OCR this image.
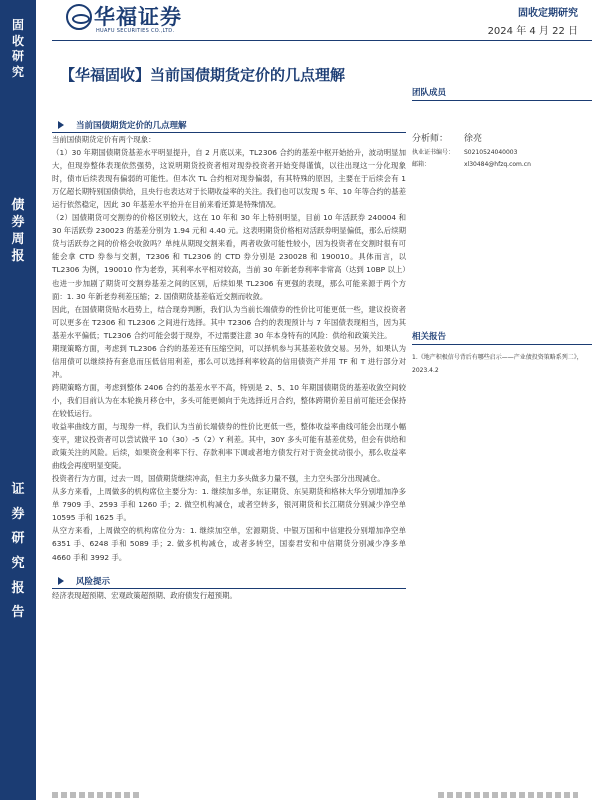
固
收
研
究
债
券
周
报
证
券
研
究
报
告
华福证券
HUAFU SECURITIES CO.,LTD.
固收定期研究
2024 年 4 月 22 日
【华福固收】当前国债期货定价的几点理解
当前国债期货定价的几点理解

当前国债期货定价有两个现象：

（1）30 年期国债期货基差水平明显提升，自 2 月底以来，TL2306 合约的基差中枢开始抬升，波动明显加大，但现券整体表现依然强势，这说明期货投资者相对现券投资者开始变得谨慎，以往出现这一分化现象时，债市后续表现有偏弱的可能性。但本次 TL 合约相对现券偏弱，有其特殊的原因，主要在于后续会有 1 万亿超长期特别国债供给，且央行也表达对于长期收益率的关注。我们也可以发现 5 年、10 年等合约的基差运行依然稳定，因此 30 年基差水平抬升在目前来看还算是特殊情况。

（2）国债期货可交割券的价格区别较大，这在 10 年和 30 年上特别明显，目前 10 年活跃券 240004 和 30 年活跃券 230023 的基差分别为 1.94 元和 4.40 元。这表明期货价格相对活跃券明显偏低，那么后续期货与活跃券之间的价格会收敛吗？单纯从期现交割来看，两者收敛可能性较小，因为投资者在交割时很有可能会拿 CTD 券参与交割，T2306 和 TL2306 的 CTD 券分别是 230028 和 190010。具体而言，以 TL2306 为例，190010 作为老券，其利率水平相对较高，当前 30 年新老券利率非常高（达到 10BP 以上）也进一步加剧了期货可交割券基差之间的区别，后续如果 TL2306 有更强的表现，那么可能来源于两个方面：1. 30 年新老券利差压缩；2. 国债期货基差临近交割而收敛。

因此，在国债期货贴水趋势上，结合现券判断，我们认为当前长端债券的性价比可能更低一些，建议投资者可以更多在 T2306 和 TL2306 之间进行选择。其中 T2306 合约的表现预计与 7 年国债表现相当，因为其基差水平偏低；TL2306 合约可能会弱于现券，不过需要注意 30 年本身特有的风险：供给和政策关注。

期现策略方面，考虑到 TL2306 合约的基差还有压缩空间，可以择机参与其基差收敛交易。另外，如果认为信用债可以继续持有套息而压低信用利差，那么可以选择利率较高的信用债资产并用 TF 和 T 进行部分对冲。

跨期策略方面，考虑到整体 2406 合约的基差水平不高，特别是 2、5、10 年期国债期货的基差收敛空间较小，我们目前认为在本轮换月移仓中，多头可能更倾向于先选择近月合约，整体跨期价差目前可能还会保持在较低运行。

收益率曲线方面，与现券一样，我们认为当前长端债券的性价比更低一些，整体收益率曲线可能会出现小幅变平，建议投资者可以尝试做平 10（30）-5（2）Y 利差。其中，30Y 多头可能有基差优势，但会有供给和政策关注的风险。后续，如果资金利率下行、存款利率下调或者地方债发行对于资金扰动很小，那么收益率曲线会再度明显变陡。

投资者行为方面，过去一周，国债期货继续冲高，但主力多头做多力量不强，主力空头部分出现减仓。

从多方来看，上周做多的机构席位主要分为：1. 继续加多单，东证期货、东吴期货和格林大华分别增加净多单 7909 手、2593 手和 1260 手；2. 做空机构减仓，或者空转多，银河期货和长江期货分别减少净空单 10595 手和 1625 手。

从空方来看，上周做空的机构席位分为：1. 继续加空单，宏源期货、中银万国和中信建投分别增加净空单 6351 手、6248 手和 5089 手；2. 做多机构减仓，或者多转空，国泰君安和中信期货分别减少净多单 4660 手和 3992 手。

风险提示
经济表现超预期、宏观政策超预期、政府债发行超预期。
团队成员
分析师： 徐亮
执业证书编号： S0210524040003
邮箱：	xl30484@hfzq.com.cn
相关报告
1.《地产积极信号背后有哪些启示——产业债投资策略系列二》，2023.4.2
